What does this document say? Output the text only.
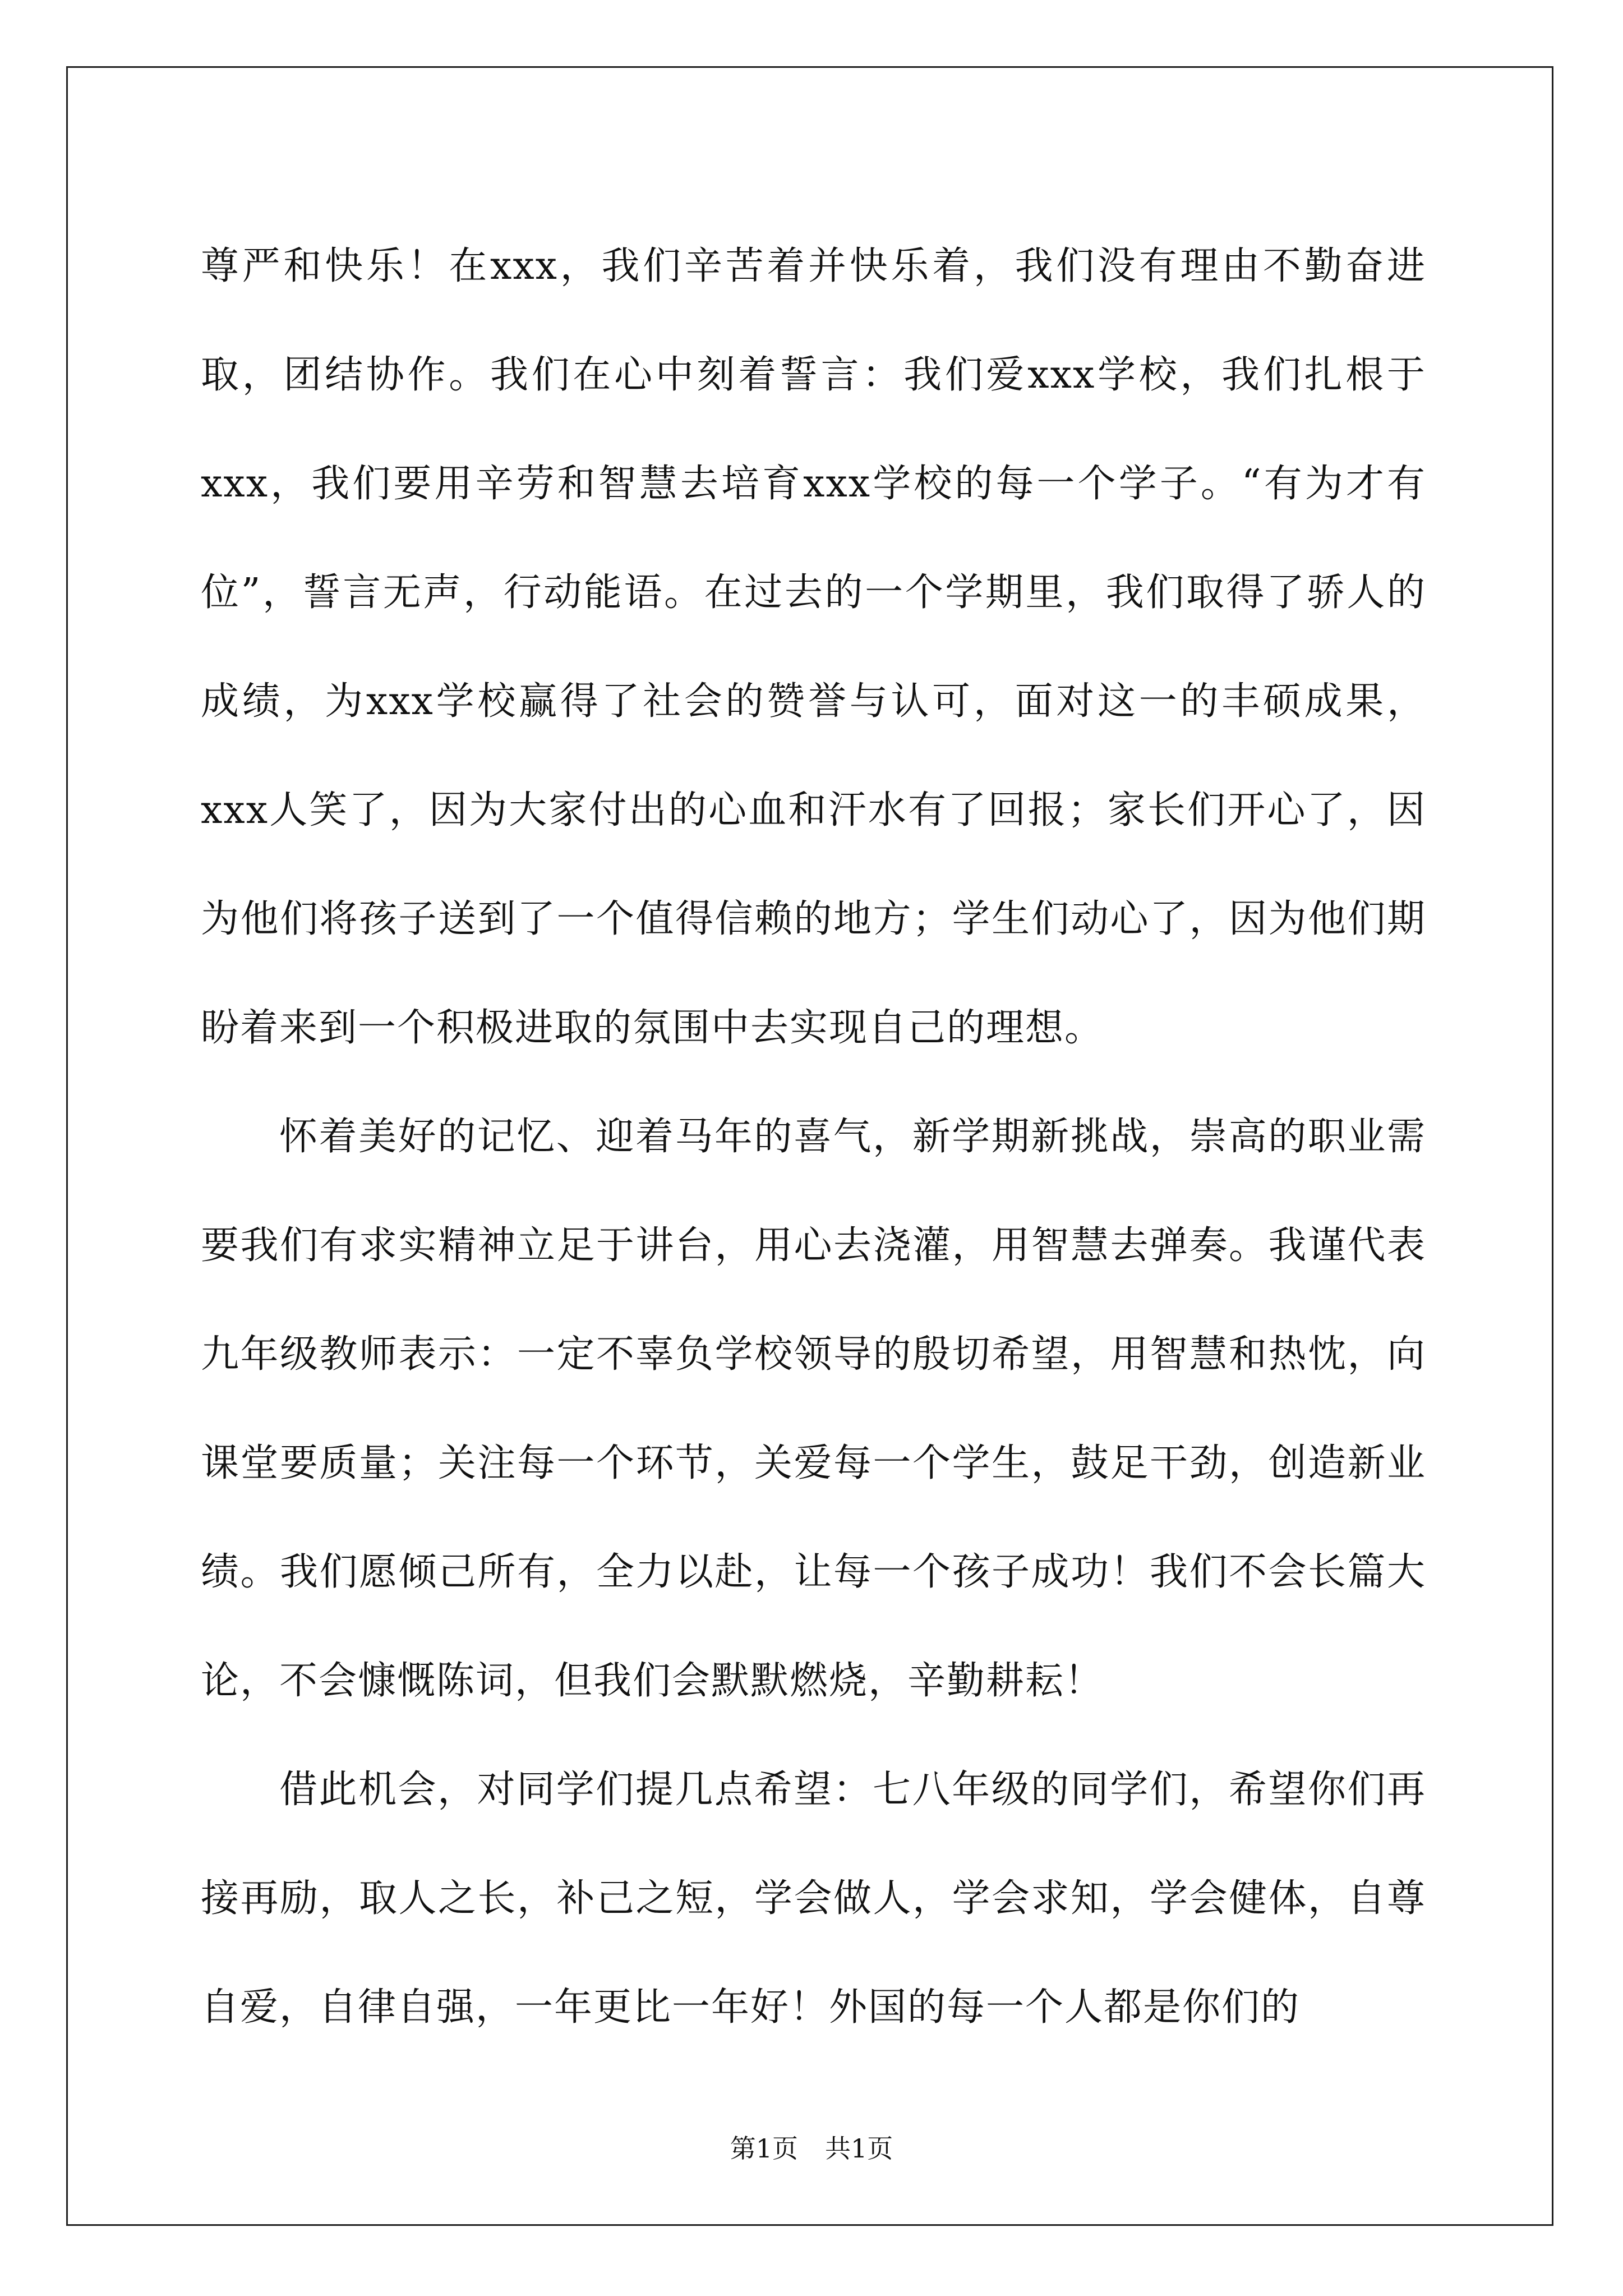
尊严和快乐！在xxx，我们辛苦着并快乐着，我们没有理由不勤奋进取，团结协作。我们在心中刻着誓言：我们爱xxx学校，我们扎根于xxx，我们要用辛劳和智慧去培育xxx学校的每一个学子。“有为才有位”，誓言无声，行动能语。在过去的一个学期里，我们取得了骄人的成绩，为xxx学校赢得了社会的赞誉与认可，面对这一的丰硕成果，xxx人笑了，因为大家付出的心血和汗水有了回报；家长们开心了，因为他们将孩子送到了一个值得信赖的地方；学生们动心了，因为他们期盼着来到一个积极进取的氛围中去实现自己的理想。

怀着美好的记忆、迎着马年的喜气，新学期新挑战，崇高的职业需要我们有求实精神立足于讲台，用心去浇灌，用智慧去弹奏。我谨代表九年级教师表示：一定不辜负学校领导的殷切希望，用智慧和热忱，向课堂要质量；关注每一个环节，关爱每一个学生，鼓足干劲，创造新业绩。我们愿倾己所有，全力以赴，让每一个孩子成功！我们不会长篇大论，不会慷慨陈词，但我们会默默燃烧，辛勤耕耘！

借此机会，对同学们提几点希望：七八年级的同学们，希望你们再接再励，取人之长，补己之短，学会做人，学会求知，学会健体，自尊自爱，自律自强，一年更比一年好！外国的每一个人都是你们的

第1页 共1页
